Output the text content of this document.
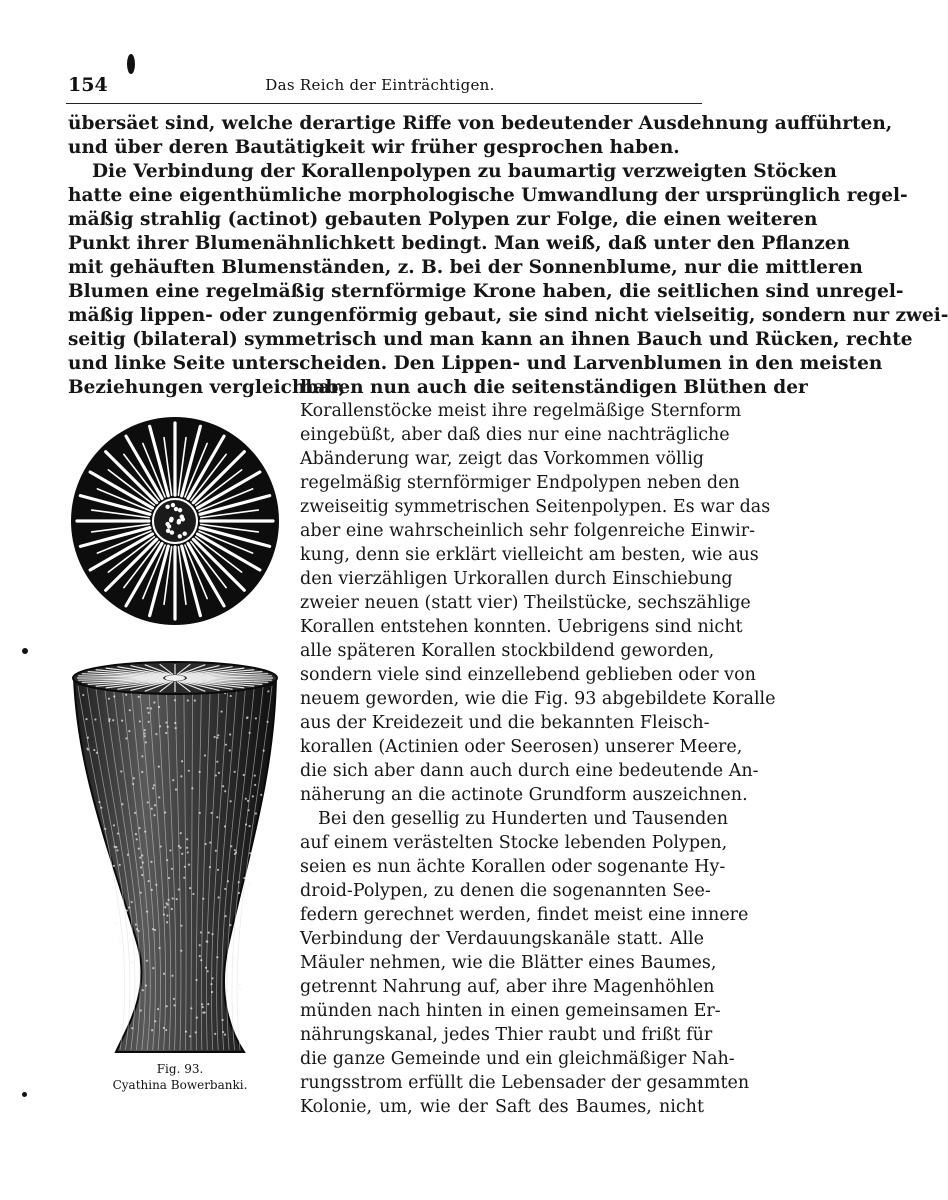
154	Das Reich der Einträchtigen.
übersäet sind, welche derartige Riffe von bedeutender Ausdehnung aufführten,
und über deren Bautätigkeit wir früher gesprochen haben.
Die Verbindung der Korallenpolypen zu baumartig verzweigten Stöcken
hatte eine eigenthümliche morphologische Umwandlung der ursprünglich regel-
mäßig strahlig (actinot) gebauten Polypen zur Folge, die einen weiteren
Punkt ihrer Blumenähnlichkett bedingt. Man weiß, daß unter den Pflanzen
mit gehäuften Blumenständen, z. B. bei der Sonnenblume, nur die mittleren
Blumen eine regelmäßig sternförmige Krone haben, die seitlichen sind unregel-
mäßig lippen- oder zungenförmig gebaut, sie sind nicht vielseitig, sondern nur zwei-
seitig (bilateral) symmetrisch und man kann an ihnen Bauch und Rücken, rechte
und linke Seite unterscheiden. Den Lippen- und Larvenblumen in den meisten
Beziehungen vergleichbar,
haben nun auch die seitenständigen Blüthen der
Korallenstöcke meist ihre regelmäßige Sternform
eingebüßt, aber daß dies nur eine nachträgliche
Abänderung war, zeigt das Vorkommen völlig
regelmäßig sternförmiger Endpolypen neben den
zweiseitig symmetrischen Seitenpolypen. Es war das
aber eine wahrscheinlich sehr folgenreiche Einwir-
kung, denn sie erklärt vielleicht am besten, wie aus
den vierzähligen Urkorallen durch Einschiebung
zweier neuen (statt vier) Theilstücke, sechszählige
Korallen entstehen konnten. Uebrigens sind nicht
alle späteren Korallen stockbildend geworden,
sondern viele sind einzellebend geblieben oder von
neuem geworden, wie die Fig. 93 abgebildete Koralle
aus der Kreidezeit und die bekannten Fleisch-
korallen (Actinien oder Seerosen) unserer Meere,
die sich aber dann auch durch eine bedeutende An-
näherung an die actinote Grundform auszeichnen.
Bei den gesellig zu Hunderten und Tausenden
auf einem verästelten Stocke lebenden Polypen,
seien es nun ächte Korallen oder sogenante Hy-
droid-Polypen, zu denen die sogenannten See-
federn gerechnet werden, findet meist eine innere
Verbindung der Verdauungskanäle statt. Alle
Mäuler nehmen, wie die Blätter eines Baumes,
getrennt Nahrung auf, aber ihre Magenhöhlen
münden nach hinten in einen gemeinsamen Er-
nährungskanal, jedes Thier raubt und frißt für
die ganze Gemeinde und ein gleichmäßiger Nah-
rungsstrom erfüllt die Lebensader der gesammten
Kolonie, um, wie der Saft des Baumes, nicht
Fig. 93.
Cyathina Bowerbanki.
